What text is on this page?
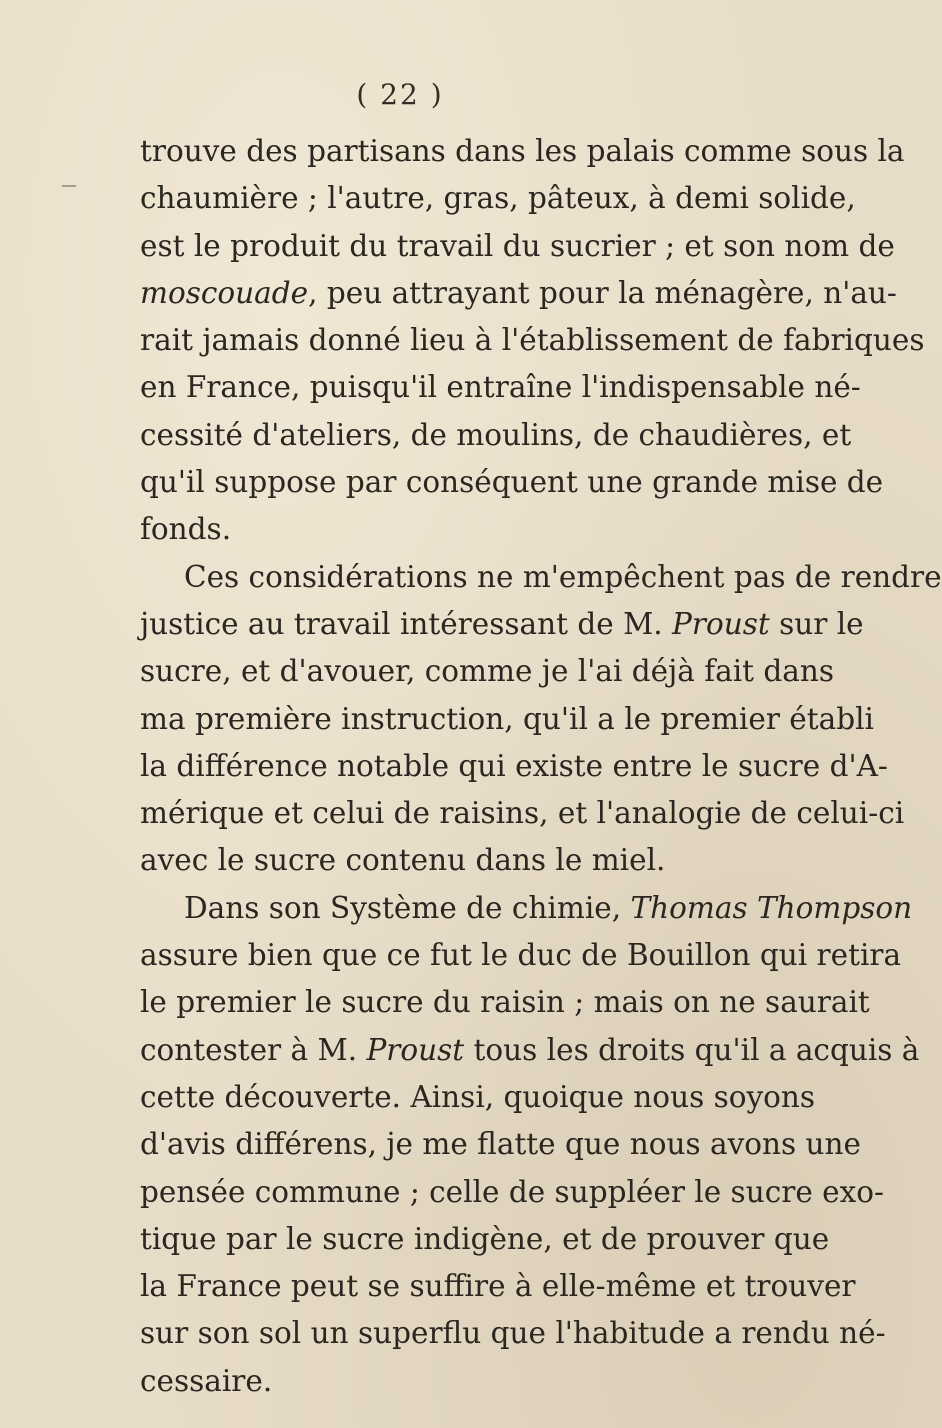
( 22 )
trouve des partisans dans les palais comme sous la
chaumière ; l'autre, gras, pâteux, à demi solide,
est le produit du travail du sucrier ; et son nom de
moscouade, peu attrayant pour la ménagère, n'au-
rait jamais donné lieu à l'établissement de fabriques
en France, puisqu'il entraîne l'indispensable né-
cessité d'ateliers, de moulins, de chaudières, et
qu'il suppose par conséquent une grande mise de
fonds.
Ces considérations ne m'empêchent pas de rendre
justice au travail intéressant de M. Proust sur le
sucre, et d'avouer, comme je l'ai déjà fait dans
ma première instruction, qu'il a le premier établi
la différence notable qui existe entre le sucre d'A-
mérique et celui de raisins, et l'analogie de celui-ci
avec le sucre contenu dans le miel.
Dans son Système de chimie, Thomas Thompson
assure bien que ce fut le duc de Bouillon qui retira
le premier le sucre du raisin ; mais on ne saurait
contester à M. Proust tous les droits qu'il a acquis à
cette découverte. Ainsi, quoique nous soyons
d'avis différens, je me flatte que nous avons une
pensée commune ; celle de suppléer le sucre exo-
tique par le sucre indigène, et de prouver que
la France peut se suffire à elle-même et trouver
sur son sol un superflu que l'habitude a rendu né-
cessaire.
